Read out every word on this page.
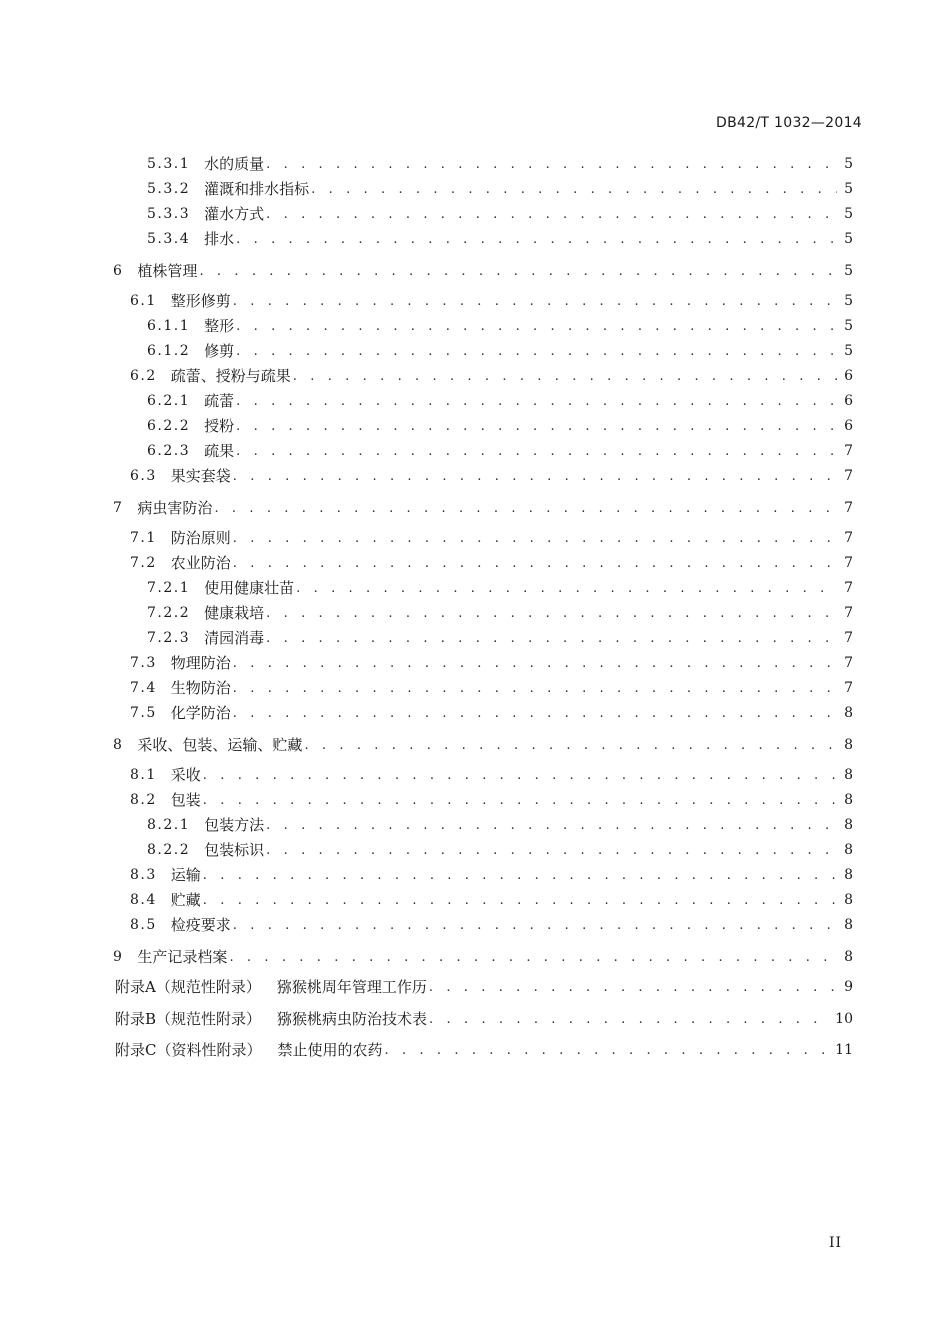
DB42/T 1032—2014
5.3.1 水的质量 . . .	5
5.3.2 灌溉和排水指标 . . .	5
5.3.3 灌水方式 . . .	5
5.3.4 排水 . . .	5
6 植株管理 . . .	5
6.1 整形修剪 . . .	5
6.1.1 整形 . . .	5
6.1.2 修剪 . . .	5
6.2 疏蕾、授粉与疏果 . . .	6
6.2.1 疏蕾 . . .	6
6.2.2 授粉 . . .	6
6.2.3 疏果 . . .	7
6.3 果实套袋 . . .	7
7 病虫害防治 . . .	7
7.1 防治原则 . . .	7
7.2 农业防治 . . .	7
7.2.1 使用健康壮苗 . . .	7
7.2.2 健康栽培 . . .	7
7.2.3 清园消毒 . . .	7
7.3 物理防治 . . .	7
7.4 生物防治 . . .	7
7.5 化学防治 . . .	8
8 采收、包装、运输、贮藏 . . .	8
8.1 采收 . . .	8
8.2 包装 . . .	8
8.2.1 包装方法 . . .	8
8.2.2 包装标识 . . .	8
8.3 运输 . . .	8
8.4 贮藏 . . .	8
8.5 检疫要求 . . .	8
9 生产记录档案 . . .	8
附录A（规范性附录）	猕猴桃周年管理工作历 . . .	9
附录B（规范性附录）	猕猴桃病虫防治技术表 . . .	10
附录C（资料性附录）	禁止使用的农药 . . .	11
II
